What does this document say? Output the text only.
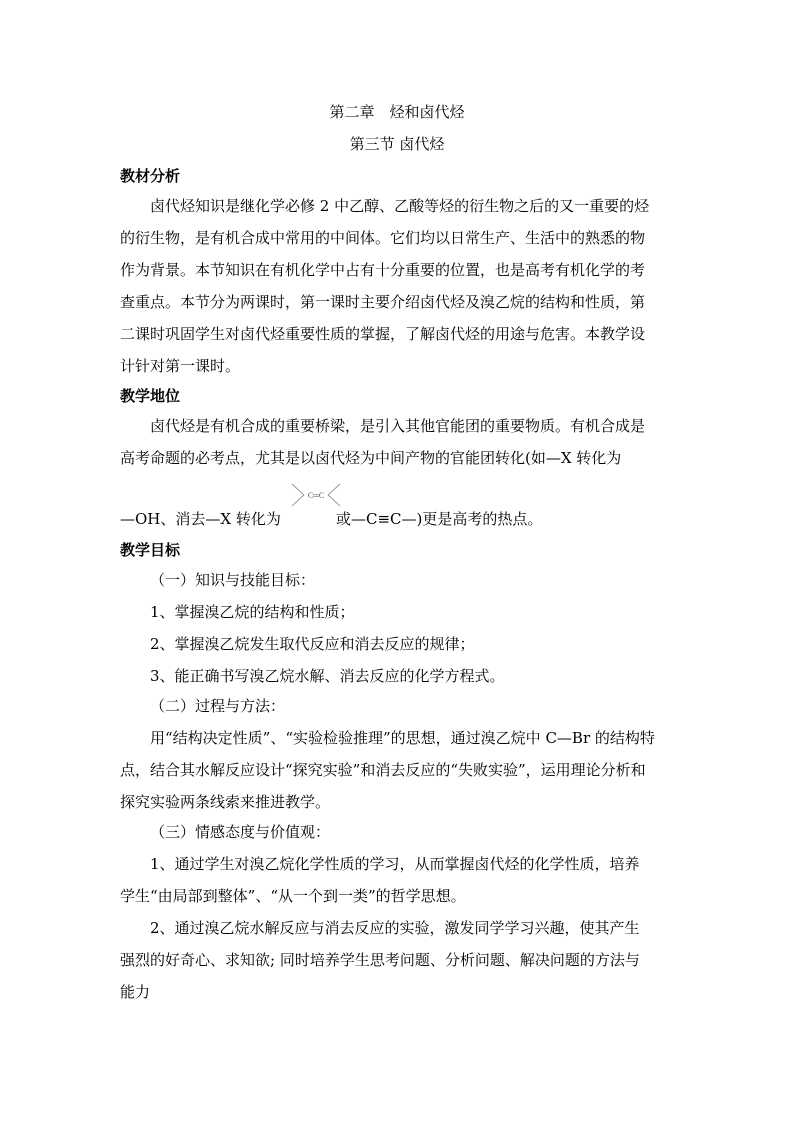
第二章　烃和卤代烃
第三节 卤代烃
教材分析
卤代烃知识是继化学必修 2 中乙醇、乙酸等烃的衍生物之后的又一重要的烃
的衍生物，是有机合成中常用的中间体。它们均以日常生产、生活中的熟悉的物
作为背景。本节知识在有机化学中占有十分重要的位置，也是高考有机化学的考
查重点。本节分为两课时，第一课时主要介绍卤代烃及溴乙烷的结构和性质，第
二课时巩固学生对卤代烃重要性质的掌握，了解卤代烃的用途与危害。本教学设
计针对第一课时。
教学地位
卤代烃是有机合成的重要桥梁，是引入其他官能团的重要物质。有机合成是
高考命题的必考点，尤其是以卤代烃为中间产物的官能团转化(如—X 转化为
—OH、消去—X 转化为
C═C
或—C≡C—)更是高考的热点。
教学目标
（一）知识与技能目标：
1、掌握溴乙烷的结构和性质；
2、掌握溴乙烷发生取代反应和消去反应的规律；
3、能正确书写溴乙烷水解、消去反应的化学方程式。
（二）过程与方法：
用“结构决定性质”、“实验检验推理”的思想，通过溴乙烷中 C—Br 的结构特
点，结合其水解反应设计“探究实验”和消去反应的“失败实验”，运用理论分析和
探究实验两条线索来推进教学。
（三）情感态度与价值观：
1、通过学生对溴乙烷化学性质的学习，从而掌握卤代烃的化学性质，培养
学生“由局部到整体”、“从一个到一类”的哲学思想。
2、通过溴乙烷水解反应与消去反应的实验，激发同学学习兴趣，使其产生
强烈的好奇心、求知欲; 同时培养学生思考问题、分析问题、解决问题的方法与
能力
